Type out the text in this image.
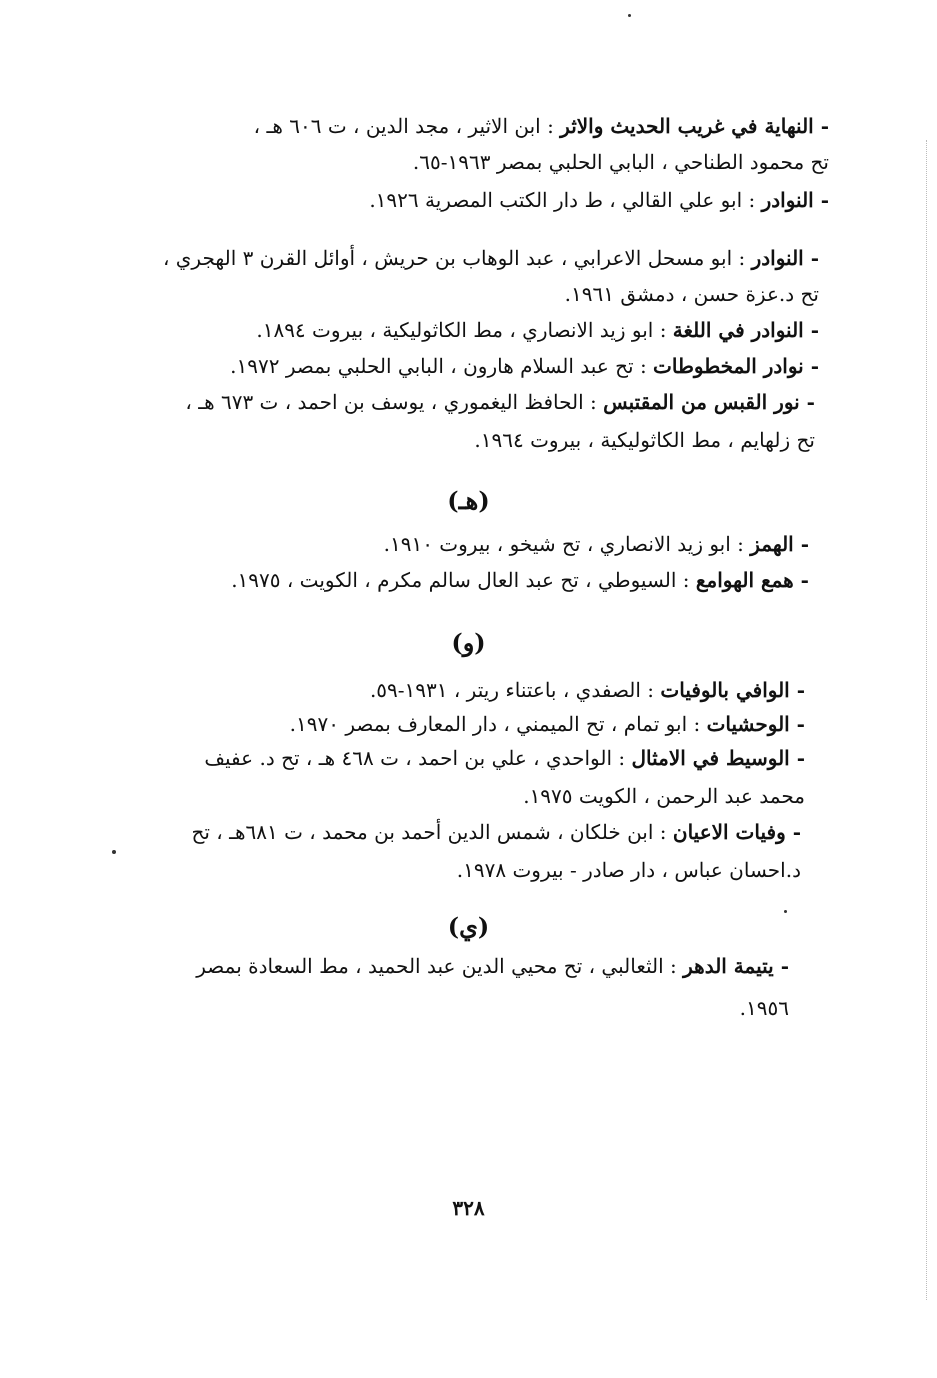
- النهاية في غريب الحديث والاثر : ابن الاثير ، مجد الدين ، ت ٦٠٦ هـ ،
تح محمود الطناحي ، البابي الحلبي بمصر ١٩٦٣-٦٥.
- النوادر : ابو علي القالي ، ط دار الكتب المصرية ١٩٢٦.
- النوادر : ابو مسحل الاعرابي ، عبد الوهاب بن حريش ، أوائل القرن ٣ الهجري ،
تح د.عزة حسن ، دمشق ١٩٦١.
- النوادر في اللغة : ابو زيد الانصاري ، مط الكاثوليكية ، بيروت ١٨٩٤.
- نوادر المخطوطات : تح عبد السلام هارون ، البابي الحلبي بمصر ١٩٧٢.
- نور القبس من المقتبس : الحافظ اليغموري ، يوسف بن احمد ، ت ٦٧٣ هـ ،
تح زلهايم ، مط الكاثوليكية ، بيروت ١٩٦٤.
(هـ)
- الهمز : ابو زيد الانصاري ، تح شيخو ، بيروت ١٩١٠.
- همع الهوامع : السيوطي ، تح عبد العال سالم مكرم ، الكويت ، ١٩٧٥.
(و)
- الوافي بالوفيات : الصفدي ، باعتناء ريتر ، ١٩٣١-٥٩.
- الوحشيات : ابو تمام ، تح الميمني ، دار المعارف بمصر ١٩٧٠.
- الوسيط في الامثال : الواحدي ، علي بن احمد ، ت ٤٦٨ هـ ، تح د. عفيف
محمد عبد الرحمن ، الكويت ١٩٧٥.
- وفيات الاعيان : ابن خلكان ، شمس الدين أحمد بن محمد ، ت ٦٨١هـ ، تح
د.احسان عباس ، دار صادر - بيروت ١٩٧٨.
(ي)
- يتيمة الدهر : الثعالبي ، تح محيي الدين عبد الحميد ، مط السعادة بمصر
١٩٥٦.
٣٢٨
